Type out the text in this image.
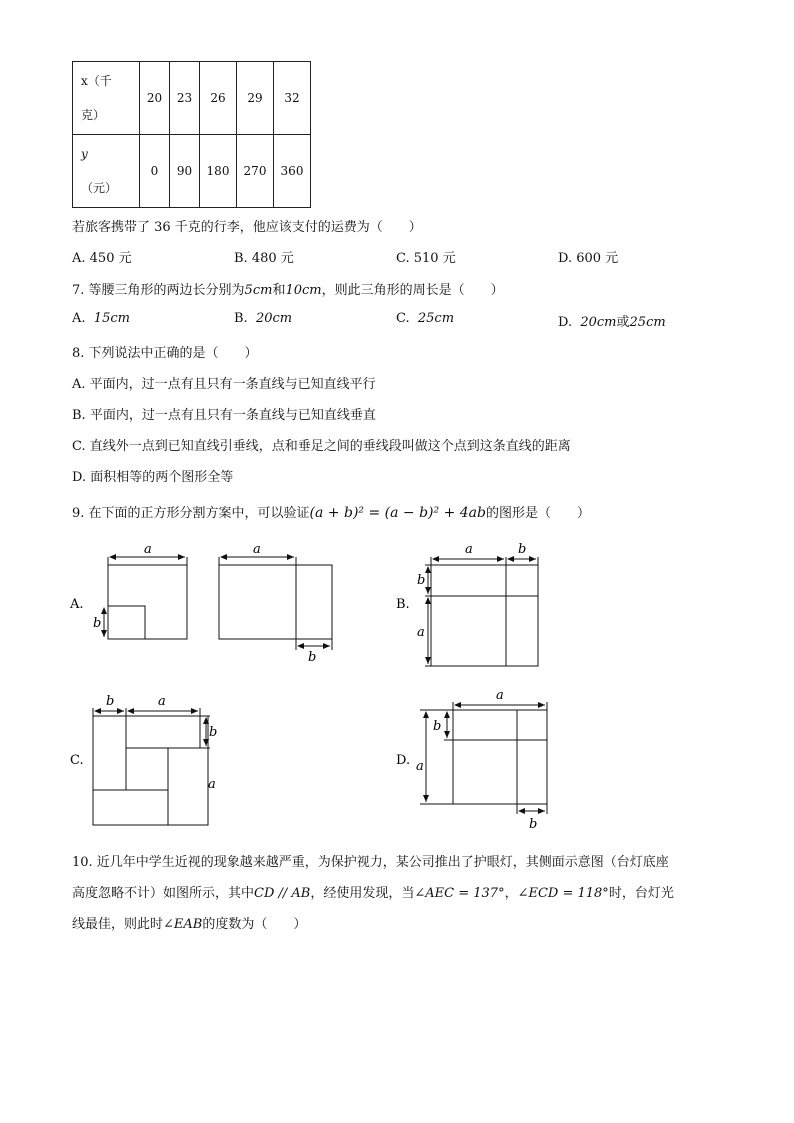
x（千
克）	20	23	26	29	32
y
（元）	0	90	180	270	360
若旅客携带了 36 千克的行李，他应该支付的运费为（　　）
A. 450 元	B. 480 元	C. 510 元	D. 600 元
7. 等腰三角形的两边长分别为5cm和10cm，则此三角形的周长是（　　）
A. 15cm	B. 20cm	C. 25cm	D. 20cm或25cm
8. 下列说法中正确的是（　　）
A. 平面内，过一点有且只有一条直线与已知直线平行
B. 平面内，过一点有且只有一条直线与已知直线垂直
C. 直线外一点到已知直线引垂线，点和垂足之间的垂线段叫做这个点到这条直线的距离
D. 面积相等的两个图形全等
9. 在下面的正方形分割方案中，可以验证(a + b)² = (a − b)² + 4ab的图形是（　　）
A.
a
b
a
b
B.
a	b
b
a
C.
b	a
b
a
D.
a
b
a
b
10. 近几年中学生近视的现象越来越严重，为保护视力，某公司推出了护眼灯，其侧面示意图（台灯底座
高度忽略不计）如图所示，其中CD // AB，经使用发现，当∠AEC = 137°，∠ECD = 118°时，台灯光
线最佳，则此时∠EAB的度数为（　　）
